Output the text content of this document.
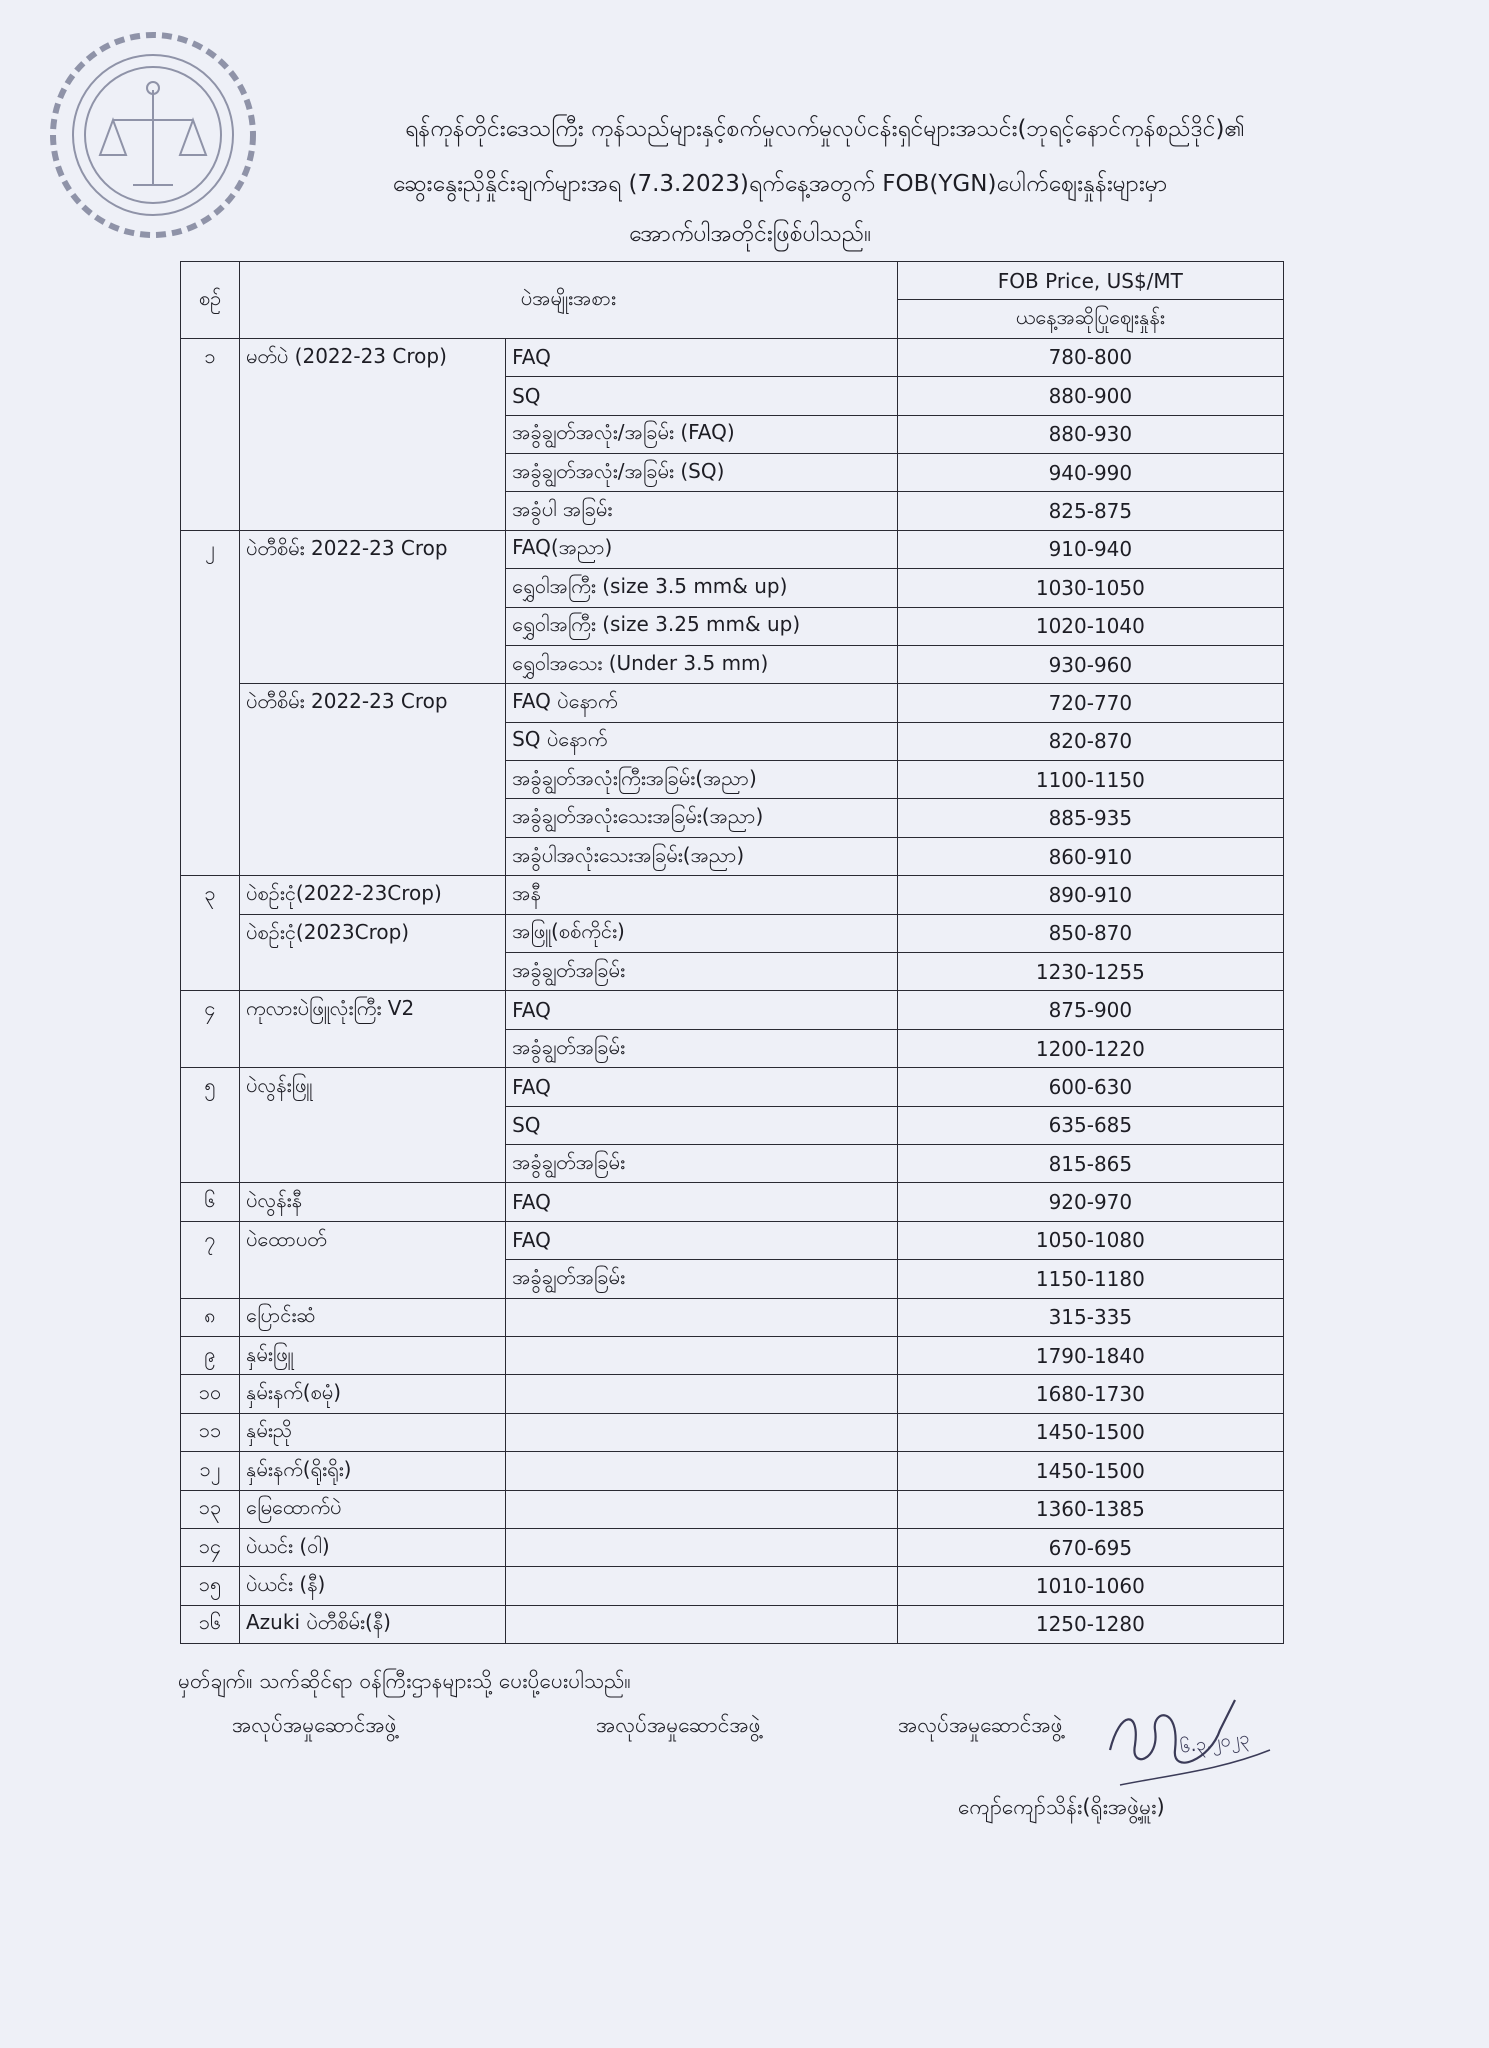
ရန်ကုန်တိုင်းဒေသကြီး ကုန်သည်များနှင့်စက်မှုလက်မှုလုပ်ငန်းရှင်များအသင်း(ဘုရင့်နောင်ကုန်စည်ဒိုင်)၏
ဆွေးနွေးညှိနှိုင်းချက်များအရ (7.3.2023)ရက်နေ့အတွက် FOB(YGN)ပေါက်ဈေးနှုန်းများမှာ
အောက်ပါအတိုင်းဖြစ်ပါသည်။
စဉ်	ပဲအမျိုးအစား		FOB Price, US$/MT
			ယနေ့အဆိုပြုဈေးနှုန်း
၁	မတ်ပဲ (2022-23 Crop)	FAQ	780-800
		SQ	880-900
		အခွံချွတ်အလုံး/အခြမ်း (FAQ)	880-930
		အခွံချွတ်အလုံး/အခြမ်း (SQ)	940-990
		အခွံပါ အခြမ်း	825-875
၂	ပဲတီစိမ်း 2022-23 Crop	FAQ(အညာ)	910-940
		ရွှေဝါအကြီး (size 3.5 mm& up)	1030-1050
		ရွှေဝါအကြီး (size 3.25 mm& up)	1020-1040
		ရွှေဝါအသေး (Under 3.5 mm)	930-960
	ပဲတီစိမ်း 2022-23 Crop	FAQ ပဲနောက်	720-770
		SQ ပဲနောက်	820-870
		အခွံချွတ်အလုံးကြီးအခြမ်း(အညာ)	1100-1150
		အခွံချွတ်အလုံးသေးအခြမ်း(အညာ)	885-935
		အခွံပါအလုံးသေးအခြမ်း(အညာ)	860-910
၃	ပဲစဉ်းငုံ(2022-23Crop)	အနီ	890-910
	ပဲစဉ်းငုံ(2023Crop)	အဖြူ(စစ်ကိုင်း)	850-870
		အခွံချွတ်အခြမ်း	1230-1255
၄	ကုလားပဲဖြူလုံးကြီး V2	FAQ	875-900
		အခွံချွတ်အခြမ်း	1200-1220
၅	ပဲလွန်းဖြူ	FAQ	600-630
		SQ	635-685
		အခွံချွတ်အခြမ်း	815-865
၆	ပဲလွန်းနီ	FAQ	920-970
၇	ပဲထောပတ်	FAQ	1050-1080
		အခွံချွတ်အခြမ်း	1150-1180
၈	ပြောင်းဆံ		315-335
၉	နှမ်းဖြူ		1790-1840
၁၀	နှမ်းနက်(စမုံ)		1680-1730
၁၁	နှမ်းညို		1450-1500
၁၂	နှမ်းနက်(ရိုးရိုး)		1450-1500
၁၃	မြေထောက်ပဲ		1360-1385
၁၄	ပဲယင်း (ဝါ)		670-695
၁၅	ပဲယင်း (နီ)		1010-1060
၁၆	Azuki ပဲတီစိမ်း(နီ)		1250-1280
မှတ်ချက်။ သက်ဆိုင်ရာ ဝန်ကြီးဌာနများသို့ ပေးပို့ပေးပါသည်။
အလုပ်အမှုဆောင်အဖွဲ့	အလုပ်အမှုဆောင်အဖွဲ့	အလုပ်အမှုဆောင်အဖွဲ့
၆.၃.၂၀၂၃
ကျော်ကျော်သိန်း(ရိုးအဖွဲ့မှူး)
